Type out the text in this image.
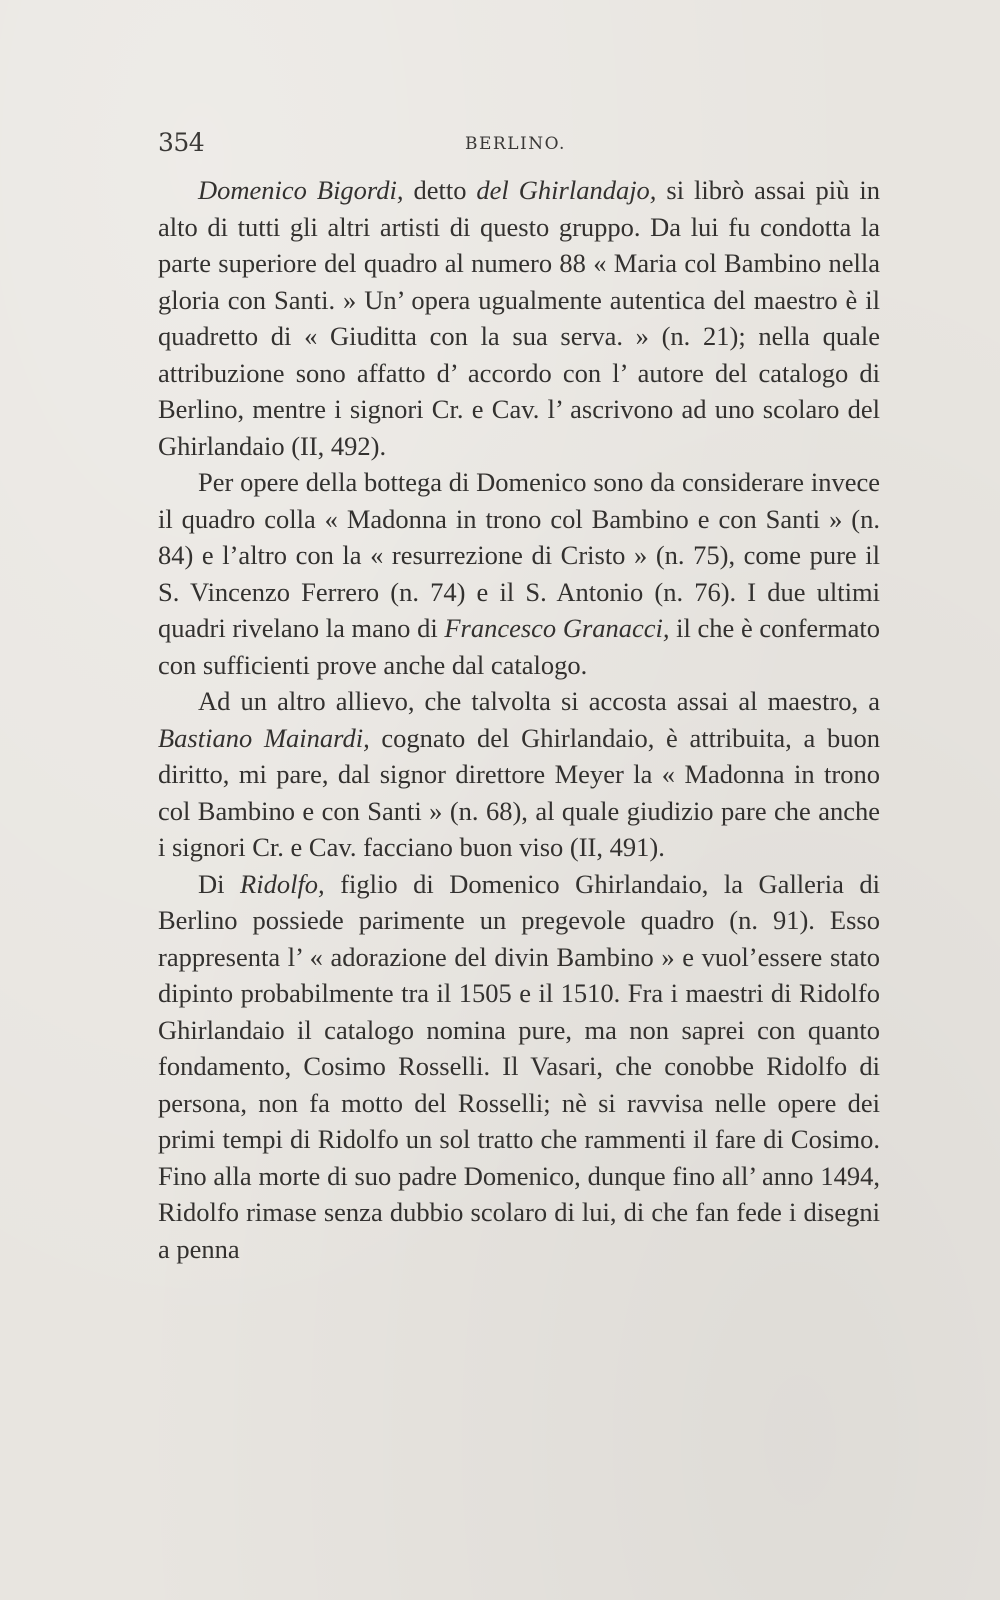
354	BERLINO.

Domenico Bigordi, detto del Ghirlandajo, si librò assai più in alto di tutti gli altri artisti di questo gruppo. Da lui fu condotta la parte superiore del quadro al numero 88 « Maria col Bambino nella gloria con Santi. » Un’ opera ugualmente autentica del maestro è il quadretto di « Giuditta con la sua serva. » (n. 21); nella quale attribuzione sono affatto d’ accordo con l’ autore del catalogo di Berlino, mentre i signori Cr. e Cav. l’ ascrivono ad uno scolaro del Ghirlandaio (II, 492).

Per opere della bottega di Domenico sono da considerare invece il quadro colla « Madonna in trono col Bambino e con Santi » (n. 84) e l’altro con la « resurrezione di Cristo » (n. 75), come pure il S. Vincenzo Ferrero (n. 74) e il S. Antonio (n. 76). I due ultimi quadri rivelano la mano di Francesco Granacci, il che è confermato con sufficienti prove anche dal catalogo.

Ad un altro allievo, che talvolta si accosta assai al maestro, a Bastiano Mainardi, cognato del Ghirlandaio, è attribuita, a buon diritto, mi pare, dal signor direttore Meyer la « Madonna in trono col Bambino e con Santi » (n. 68), al quale giudizio pare che anche i signori Cr. e Cav. facciano buon viso (II, 491).

Di Ridolfo, figlio di Domenico Ghirlandaio, la Galleria di Berlino possiede parimente un pregevole quadro (n. 91). Esso rappresenta l’ « adorazione del divin Bambino » e vuol’essere stato dipinto probabilmente tra il 1505 e il 1510. Fra i maestri di Ridolfo Ghirlandaio il catalogo nomina pure, ma non saprei con quanto fondamento, Cosimo Rosselli. Il Vasari, che conobbe Ridolfo di persona, non fa motto del Rosselli; nè si ravvisa nelle opere dei primi tempi di Ridolfo un sol tratto che rammenti il fare di Cosimo. Fino alla morte di suo padre Domenico, dunque fino all’ anno 1494, Ridolfo rimase senza dubbio scolaro di lui, di che fan fede i disegni a penna
